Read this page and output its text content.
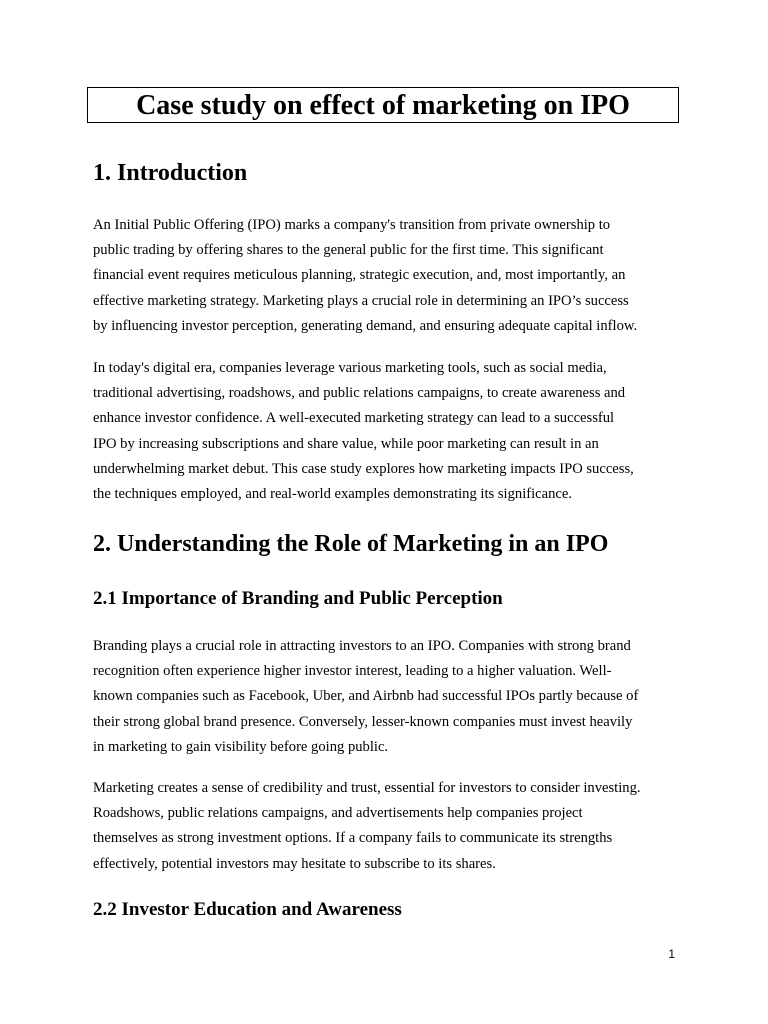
Case study on effect of marketing on IPO
1. Introduction
An Initial Public Offering (IPO) marks a company's transition from private ownership to
public trading by offering shares to the general public for the first time. This significant
financial event requires meticulous planning, strategic execution, and, most importantly, an
effective marketing strategy. Marketing plays a crucial role in determining an IPO’s success
by influencing investor perception, generating demand, and ensuring adequate capital inflow.
In today's digital era, companies leverage various marketing tools, such as social media,
traditional advertising, roadshows, and public relations campaigns, to create awareness and
enhance investor confidence. A well-executed marketing strategy can lead to a successful
IPO by increasing subscriptions and share value, while poor marketing can result in an
underwhelming market debut. This case study explores how marketing impacts IPO success,
the techniques employed, and real-world examples demonstrating its significance.
2. Understanding the Role of Marketing in an IPO
2.1 Importance of Branding and Public Perception
Branding plays a crucial role in attracting investors to an IPO. Companies with strong brand
recognition often experience higher investor interest, leading to a higher valuation. Well-
known companies such as Facebook, Uber, and Airbnb had successful IPOs partly because of
their strong global brand presence. Conversely, lesser-known companies must invest heavily
in marketing to gain visibility before going public.
Marketing creates a sense of credibility and trust, essential for investors to consider investing.
Roadshows, public relations campaigns, and advertisements help companies project
themselves as strong investment options. If a company fails to communicate its strengths
effectively, potential investors may hesitate to subscribe to its shares.
2.2 Investor Education and Awareness
1
